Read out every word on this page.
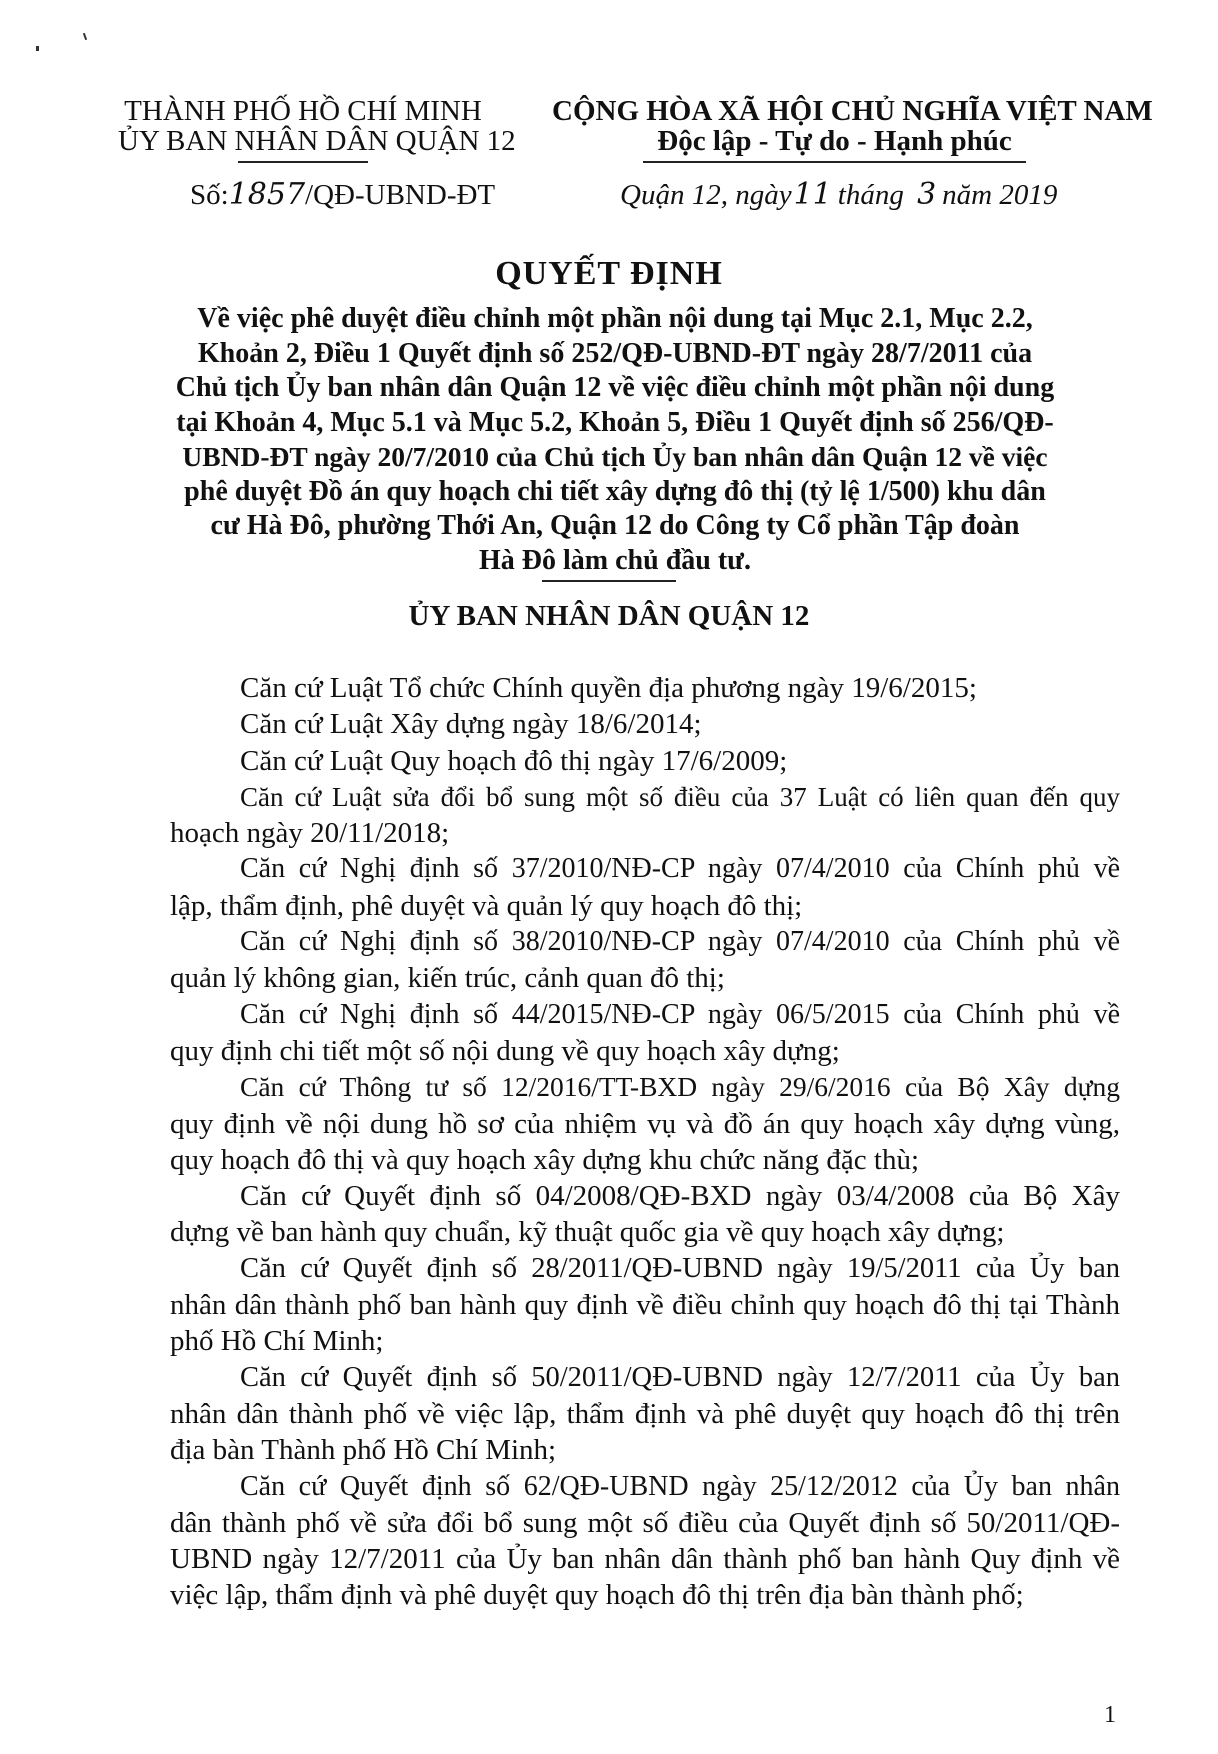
THÀNH PHỐ HỒ CHÍ MINH
ỦY BAN NHÂN DÂN QUẬN 12
CỘNG HÒA XÃ HỘI CHỦ NGHĨA VIỆT NAM
Độc lập - Tự do - Hạnh phúc
Số:1857/QĐ-UBND-ĐT	Quận 12, ngày11 tháng 3 năm 2019
QUYẾT ĐỊNH
Về việc phê duyệt điều chỉnh một phần nội dung tại Mục 2.1, Mục 2.2,
Khoản 2, Điều 1 Quyết định số 252/QĐ-UBND-ĐT ngày 28/7/2011 của
Chủ tịch Ủy ban nhân dân Quận 12 về việc điều chỉnh một phần nội dung
tại Khoản 4, Mục 5.1 và Mục 5.2, Khoản 5, Điều 1 Quyết định số 256/QĐ-
UBND-ĐT ngày 20/7/2010 của Chủ tịch Ủy ban nhân dân Quận 12 về việc
phê duyệt Đồ án quy hoạch chi tiết xây dựng đô thị (tỷ lệ 1/500) khu dân
cư Hà Đô, phường Thới An, Quận 12 do Công ty Cổ phần Tập đoàn
Hà Đô làm chủ đầu tư.
ỦY BAN NHÂN DÂN QUẬN 12
Căn cứ Luật Tổ chức Chính quyền địa phương ngày 19/6/2015;
Căn cứ Luật Xây dựng ngày 18/6/2014;
Căn cứ Luật Quy hoạch đô thị ngày 17/6/2009;
Căn cứ Luật sửa đổi bổ sung một số điều của 37 Luật có liên quan đến quy
hoạch ngày 20/11/2018;
Căn cứ Nghị định số 37/2010/NĐ-CP ngày 07/4/2010 của Chính phủ về
lập, thẩm định, phê duyệt và quản lý quy hoạch đô thị;
Căn cứ Nghị định số 38/2010/NĐ-CP ngày 07/4/2010 của Chính phủ về
quản lý không gian, kiến trúc, cảnh quan đô thị;
Căn cứ Nghị định số 44/2015/NĐ-CP ngày 06/5/2015 của Chính phủ về
quy định chi tiết một số nội dung về quy hoạch xây dựng;
Căn cứ Thông tư số 12/2016/TT-BXD ngày 29/6/2016 của Bộ Xây dựng
quy định về nội dung hồ sơ của nhiệm vụ và đồ án quy hoạch xây dựng vùng,
quy hoạch đô thị và quy hoạch xây dựng khu chức năng đặc thù;
Căn cứ Quyết định số 04/2008/QĐ-BXD ngày 03/4/2008 của Bộ Xây
dựng về ban hành quy chuẩn, kỹ thuật quốc gia về quy hoạch xây dựng;
Căn cứ Quyết định số 28/2011/QĐ-UBND ngày 19/5/2011 của Ủy ban
nhân dân thành phố ban hành quy định về điều chỉnh quy hoạch đô thị tại Thành
phố Hồ Chí Minh;
Căn cứ Quyết định số 50/2011/QĐ-UBND ngày 12/7/2011 của Ủy ban
nhân dân thành phố về việc lập, thẩm định và phê duyệt quy hoạch đô thị trên
địa bàn Thành phố Hồ Chí Minh;
Căn cứ Quyết định số 62/QĐ-UBND ngày 25/12/2012 của Ủy ban nhân
dân thành phố về sửa đổi bổ sung một số điều của Quyết định số 50/2011/QĐ-
UBND ngày 12/7/2011 của Ủy ban nhân dân thành phố ban hành Quy định về
việc lập, thẩm định và phê duyệt quy hoạch đô thị trên địa bàn thành phố;
1
